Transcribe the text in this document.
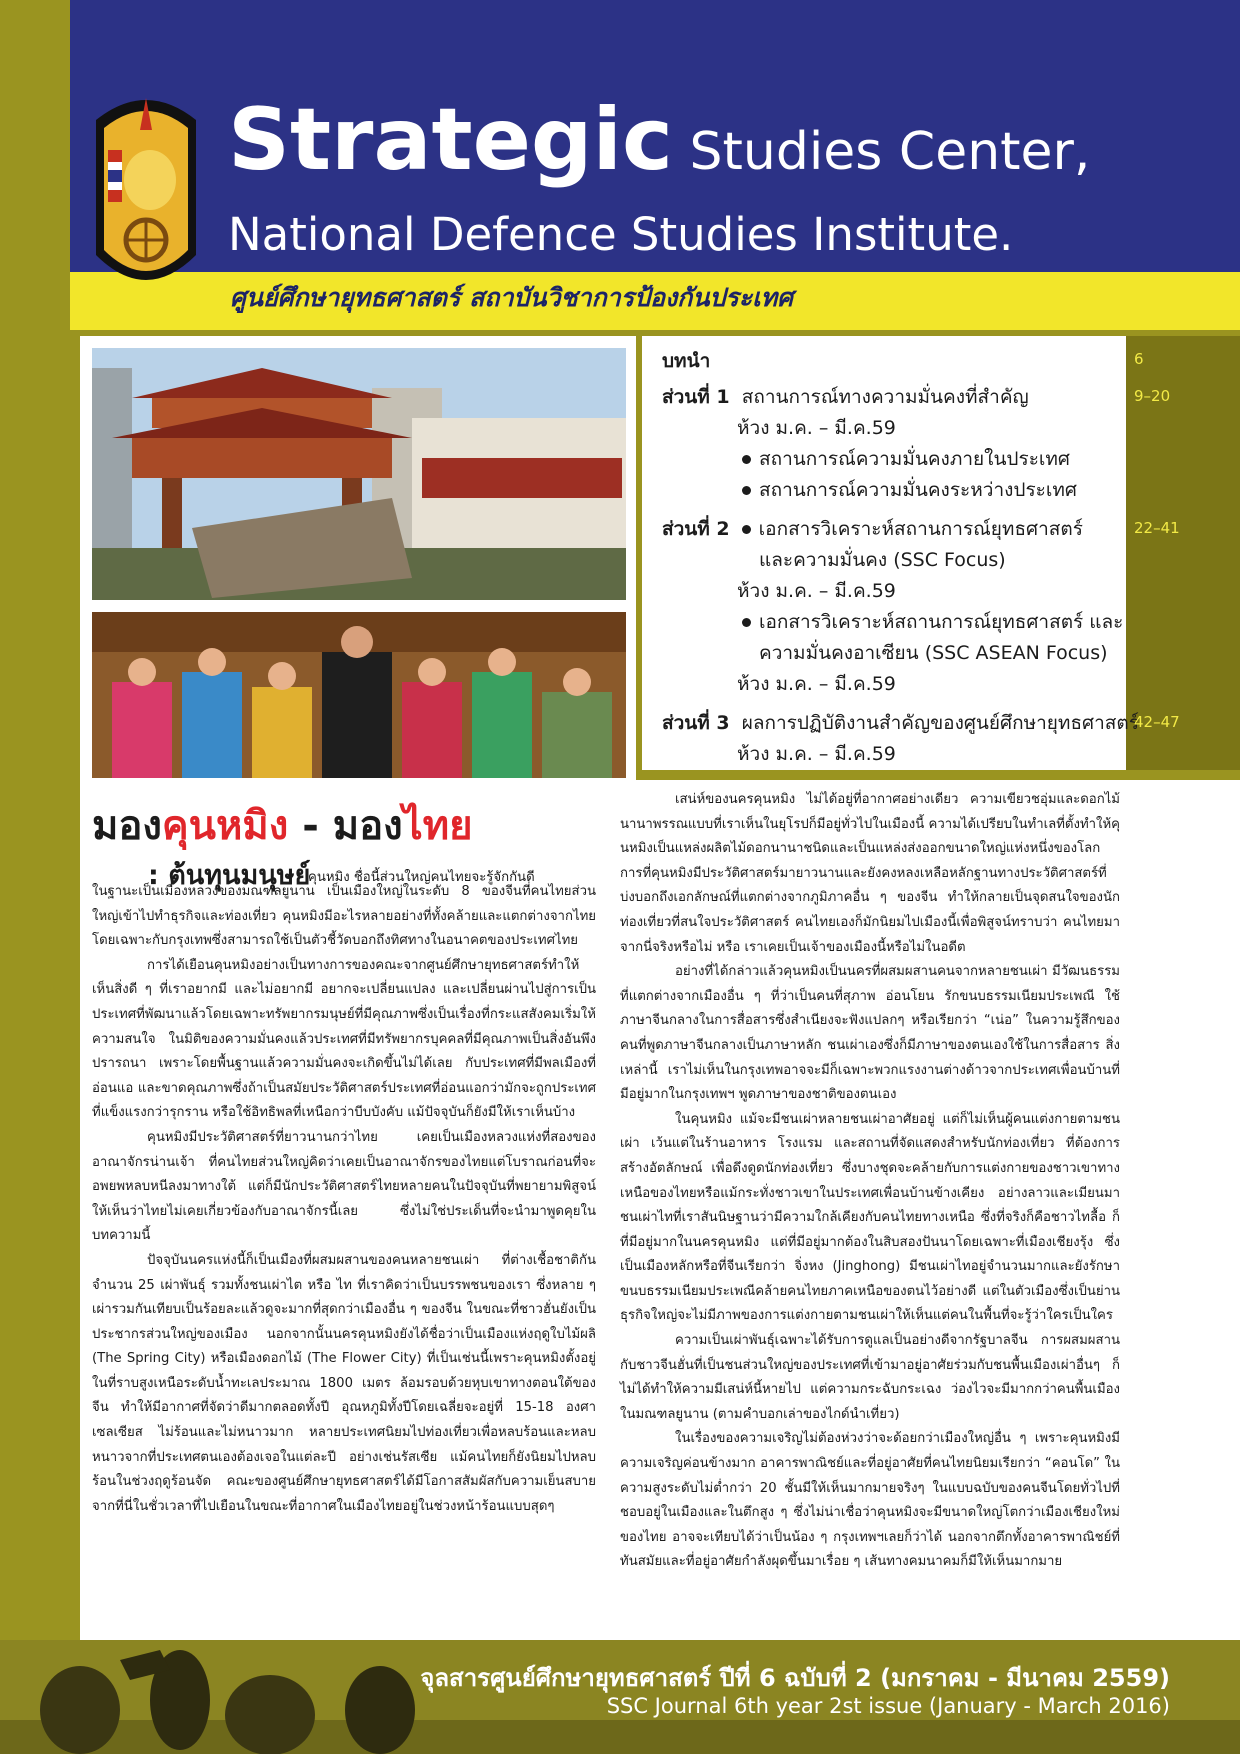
Strategic Studies Center,
National Defence Studies Institute.
ศูนย์ศึกษายุทธศาสตร์ สถาบันวิชาการป้องกันประเทศ
บทนำ	6
ส่วนที่ 1 สถานการณ์ทางความมั่นคงที่สำคัญ
ห้วง ม.ค. – มี.ค.59
สถานการณ์ความมั่นคงภายในประเทศ
สถานการณ์ความมั่นคงระหว่างประเทศ
9–20
ส่วนที่ 2 เอกสารวิเคราะห์สถานการณ์ยุทธศาสตร์
และความมั่นคง (SSC Focus)
ห้วง ม.ค. – มี.ค.59
เอกสารวิเคราะห์สถานการณ์ยุทธศาสตร์ และ
ความมั่นคงอาเซียน (SSC ASEAN Focus)
ห้วง ม.ค. – มี.ค.59
22–41
ส่วนที่ 3 ผลการปฏิบัติงานสำคัญของศูนย์ศึกษายุทธศาสตร์
ห้วง ม.ค. – มี.ค.59
42–47
มองคุนหมิง - มองไทย
: ต้นทุนมนุษย์
คุนหมิง ชื่อนี้ส่วนใหญ่คนไทยจะรู้จักกันดี

ในฐานะเป็นเมืองหลวงของมณฑลยูนาน เป็นเมืองใหญ่ในระดับ 8 ของจีนที่คนไทยส่วนใหญ่เข้าไปทำธุรกิจและท่องเที่ยว คุนหมิงมีอะไรหลายอย่างที่ทั้งคล้ายและแตกต่างจากไทยโดยเฉพาะกับกรุงเทพซึ่งสามารถใช้เป็นตัวชี้วัดบอกถึงทิศทางในอนาคตของประเทศไทย

การได้เยือนคุนหมิงอย่างเป็นทางการของคณะจากศูนย์ศึกษายุทธศาสตร์ทำให้เห็นสิ่งดี ๆ ที่เราอยากมี และไม่อยากมี อยากจะเปลี่ยนแปลง และเปลี่ยนผ่านไปสู่การเป็นประเทศที่พัฒนาแล้วโดยเฉพาะทรัพยากรมนุษย์ที่มีคุณภาพซึ่งเป็นเรื่องที่กระแสสังคมเริ่มให้ความสนใจ ในมิติของความมั่นคงแล้วประเทศที่มีทรัพยากรบุคคลที่มีคุณภาพเป็นสิ่งอันพึงปรารถนา เพราะโดยพื้นฐานแล้วความมั่นคงจะเกิดขึ้นไม่ได้เลย กับประเทศที่มีพลเมืองที่อ่อนแอ และขาดคุณภาพซึ่งถ้าเป็นสมัยประวัติศาสตร์ประเทศที่อ่อนแอกว่ามักจะถูกประเทศที่แข็งแรงกว่ารุกราน หรือใช้อิทธิพลที่เหนือกว่าบีบบังคับ แม้ปัจจุบันก็ยังมีให้เราเห็นบ้าง

คุนหมิงมีประวัติศาสตร์ที่ยาวนานกว่าไทย เคยเป็นเมืองหลวงแห่งที่สองของอาณาจักรน่านเจ้า ที่คนไทยส่วนใหญ่คิดว่าเคยเป็นอาณาจักรของไทยแต่โบราณก่อนที่จะอพยพหลบหนีลงมาทางใต้ แต่ก็มีนักประวัติศาสตร์ไทยหลายคนในปัจจุบันที่พยายามพิสูจน์ให้เห็นว่าไทยไม่เคยเกี่ยวข้องกับอาณาจักรนี้เลย ซึ่งไม่ใช่ประเด็นที่จะนำมาพูดคุยในบทความนี้

ปัจจุบันนครแห่งนี้ก็เป็นเมืองที่ผสมผสานของคนหลายชนเผ่า ที่ต่างเชื้อชาติกันจำนวน 25 เผ่าพันธุ์ รวมทั้งชนเผ่าไต หรือ ไท ที่เราคิดว่าเป็นบรรพชนของเรา ซึ่งหลาย ๆ เผ่ารวมกันเทียบเป็นร้อยละแล้วดูจะมากที่สุดกว่าเมืองอื่น ๆ ของจีน ในขณะที่ชาวฮั่นยังเป็นประชากรส่วนใหญ่ของเมือง นอกจากนั้นนครคุนหมิงยังได้ชื่อว่าเป็นเมืองแห่งฤดูใบไม้ผลิ (The Spring City) หรือเมืองดอกไม้ (The Flower City) ที่เป็นเช่นนี้เพราะคุนหมิงตั้งอยู่ในที่ราบสูงเหนือระดับน้ำทะเลประมาณ 1800 เมตร ล้อมรอบด้วยหุบเขาทางตอนใต้ของจีน ทำให้มีอากาศที่จัดว่าดีมากตลอดทั้งปี อุณหภูมิทั้งปีโดยเฉลี่ยจะอยู่ที่ 15-18 องศาเซลเซียส ไม่ร้อนและไม่หนาวมาก หลายประเทศนิยมไปท่องเที่ยวเพื่อหลบร้อนและหลบหนาวจากที่ประเทศตนเองต้องเจอในแต่ละปี อย่างเช่นรัสเซีย แม้คนไทยก็ยังนิยมไปหลบร้อนในช่วงฤดูร้อนจัด คณะของศูนย์ศึกษายุทธศาสตร์ได้มีโอกาสสัมผัสกับความเย็นสบายจากที่นี่ในชั่วเวลาที่ไปเยือนในขณะที่อากาศในเมืองไทยอยู่ในช่วงหน้าร้อนแบบสุดๆ

เสน่ห์ของนครคุนหมิง ไม่ได้อยู่ที่อากาศอย่างเดียว ความเขียวชอุ่มและดอกไม้นานาพรรณแบบที่เราเห็นในยุโรปก็มีอยู่ทั่วไปในเมืองนี้ ความได้เปรียบในทำเลที่ตั้งทำให้คุนหมิงเป็นแหล่งผลิตไม้ดอกนานาชนิดและเป็นแหล่งส่งออกขนาดใหญ่แห่งหนึ่งของโลก การที่คุนหมิงมีประวัติศาสตร์มายาวนานและยังคงหลงเหลือหลักฐานทางประวัติศาสตร์ที่บ่งบอกถึงเอกลักษณ์ที่แตกต่างจากภูมิภาคอื่น ๆ ของจีน ทำให้กลายเป็นจุดสนใจของนักท่องเที่ยวที่สนใจประวัติศาสตร์ คนไทยเองก็มักนิยมไปเมืองนี้เพื่อพิสูจน์ทราบว่า คนไทยมาจากนี่จริงหรือไม่ หรือ เราเคยเป็นเจ้าของเมืองนี้หรือไม่ในอดีต

อย่างที่ได้กล่าวแล้วคุนหมิงเป็นนครที่ผสมผสานคนจากหลายชนเผ่า มีวัฒนธรรมที่แตกต่างจากเมืองอื่น ๆ ที่ว่าเป็นคนที่สุภาพ อ่อนโยน รักขนบธรรมเนียมประเพณี ใช้ภาษาจีนกลางในการสื่อสารซึ่งสำเนียงจะฟังแปลกๆ หรือเรียกว่า “เน่อ” ในความรู้สึกของคนที่พูดภาษาจีนกลางเป็นภาษาหลัก ชนเผ่าเองซึ่งก็มีภาษาของตนเองใช้ในการสื่อสาร สิ่งเหล่านี้ เราไม่เห็นในกรุงเทพอาจจะมีก็เฉพาะพวกแรงงานต่างด้าวจากประเทศเพื่อนบ้านที่มีอยู่มากในกรุงเทพฯ พูดภาษาของชาติของตนเอง

ในคุนหมิง แม้จะมีชนเผ่าหลายชนเผ่าอาศัยอยู่ แต่ก็ไม่เห็นผู้คนแต่งกายตามชนเผ่า เว้นแต่ในร้านอาหาร โรงแรม และสถานที่จัดแสดงสำหรับนักท่องเที่ยว ที่ต้องการสร้างอัตลักษณ์ เพื่อดึงดูดนักท่องเที่ยว ซึ่งบางชุดจะคล้ายกับการแต่งกายของชาวเขาทางเหนือของไทยหรือแม้กระทั่งชาวเขาในประเทศเพื่อนบ้านข้างเคียง อย่างลาวและเมียนมา ชนเผ่าไทที่เราสันนิษฐานว่ามีความใกล้เคียงกับคนไทยทางเหนือ ซึ่งที่จริงก็คือชาวไทลื้อ ก็ที่มีอยู่มากในนครคุนหมิง แต่ที่มีอยู่มากต้องในสิบสองปันนาโดยเฉพาะที่เมืองเชียงรุ้ง ซึ่งเป็นเมืองหลักหรือที่จีนเรียกว่า จิ่งหง (Jinghong) มีชนเผ่าไทอยู่จำนวนมากและยังรักษาขนบธรรมเนียมประเพณีคล้ายคนไทยภาคเหนือของตนไว้อย่างดี แต่ในตัวเมืองซึ่งเป็นย่านธุรกิจใหญ่จะไม่มีภาพของการแต่งกายตามชนเผ่าให้เห็นแต่คนในพื้นที่จะรู้ว่าใครเป็นใคร

ความเป็นเผ่าพันธุ์เฉพาะได้รับการดูแลเป็นอย่างดีจากรัฐบาลจีน การผสมผสานกับชาวจีนฮั่นที่เป็นชนส่วนใหญ่ของประเทศที่เข้ามาอยู่อาศัยร่วมกับชนพื้นเมืองเผ่าอื่นๆ ก็ไม่ได้ทำให้ความมีเสน่ห์นี้หายไป แต่ความกระฉับกระเฉง ว่องไวจะมีมากกว่าคนพื้นเมืองในมณฑลยูนาน (ตามคำบอกเล่าของไกด์นำเที่ยว)

ในเรื่องของความเจริญไม่ต้องห่วงว่าจะด้อยกว่าเมืองใหญ่อื่น ๆ เพราะคุนหมิงมีความเจริญค่อนข้างมาก อาคารพาณิชย์และที่อยู่อาศัยที่คนไทยนิยมเรียกว่า “คอนโด” ในความสูงระดับไม่ต่ำกว่า 20 ชั้นมีให้เห็นมากมายจริงๆ ในแบบฉบับของคนจีนโดยทั่วไปที่ชอบอยู่ในเมืองและในตึกสูง ๆ ซึ่งไม่น่าเชื่อว่าคุนหมิงจะมีขนาดใหญ่โตกว่าเมืองเชียงใหม่ของไทย อาจจะเทียบได้ว่าเป็นน้อง ๆ กรุงเทพฯเลยก็ว่าได้ นอกจากตึกทั้งอาคารพาณิชย์ที่ทันสมัยและที่อยู่อาศัยกำลังผุดขึ้นมาเรื่อย ๆ เส้นทางคมนาคมก็มีให้เห็นมากมาย

จุลสารศูนย์ศึกษายุทธศาสตร์ ปีที่ 6 ฉบับที่ 2 (มกราคม - มีนาคม 2559)
SSC Journal 6th year 2st issue (January - March 2016)
